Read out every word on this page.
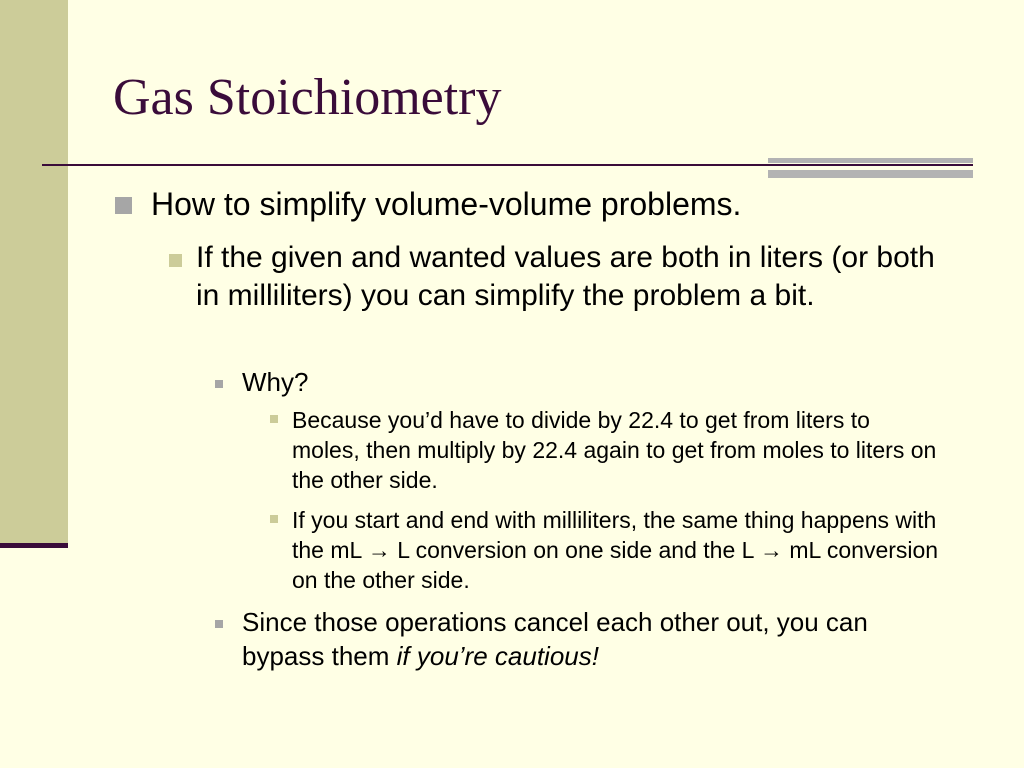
Gas Stoichiometry
How to simplify volume-volume problems.
If the given and wanted values are both in liters (or both in milliliters) you can simplify the problem a bit.
Why?
Because you’d have to divide by 22.4 to get from liters to moles, then multiply by 22.4 again to get from moles to liters on the other side.
If you start and end with milliliters, the same thing happens with the mL → L conversion on one side and the L → mL conversion on the other side.
Since those operations cancel each other out, you can bypass them if you’re cautious!
